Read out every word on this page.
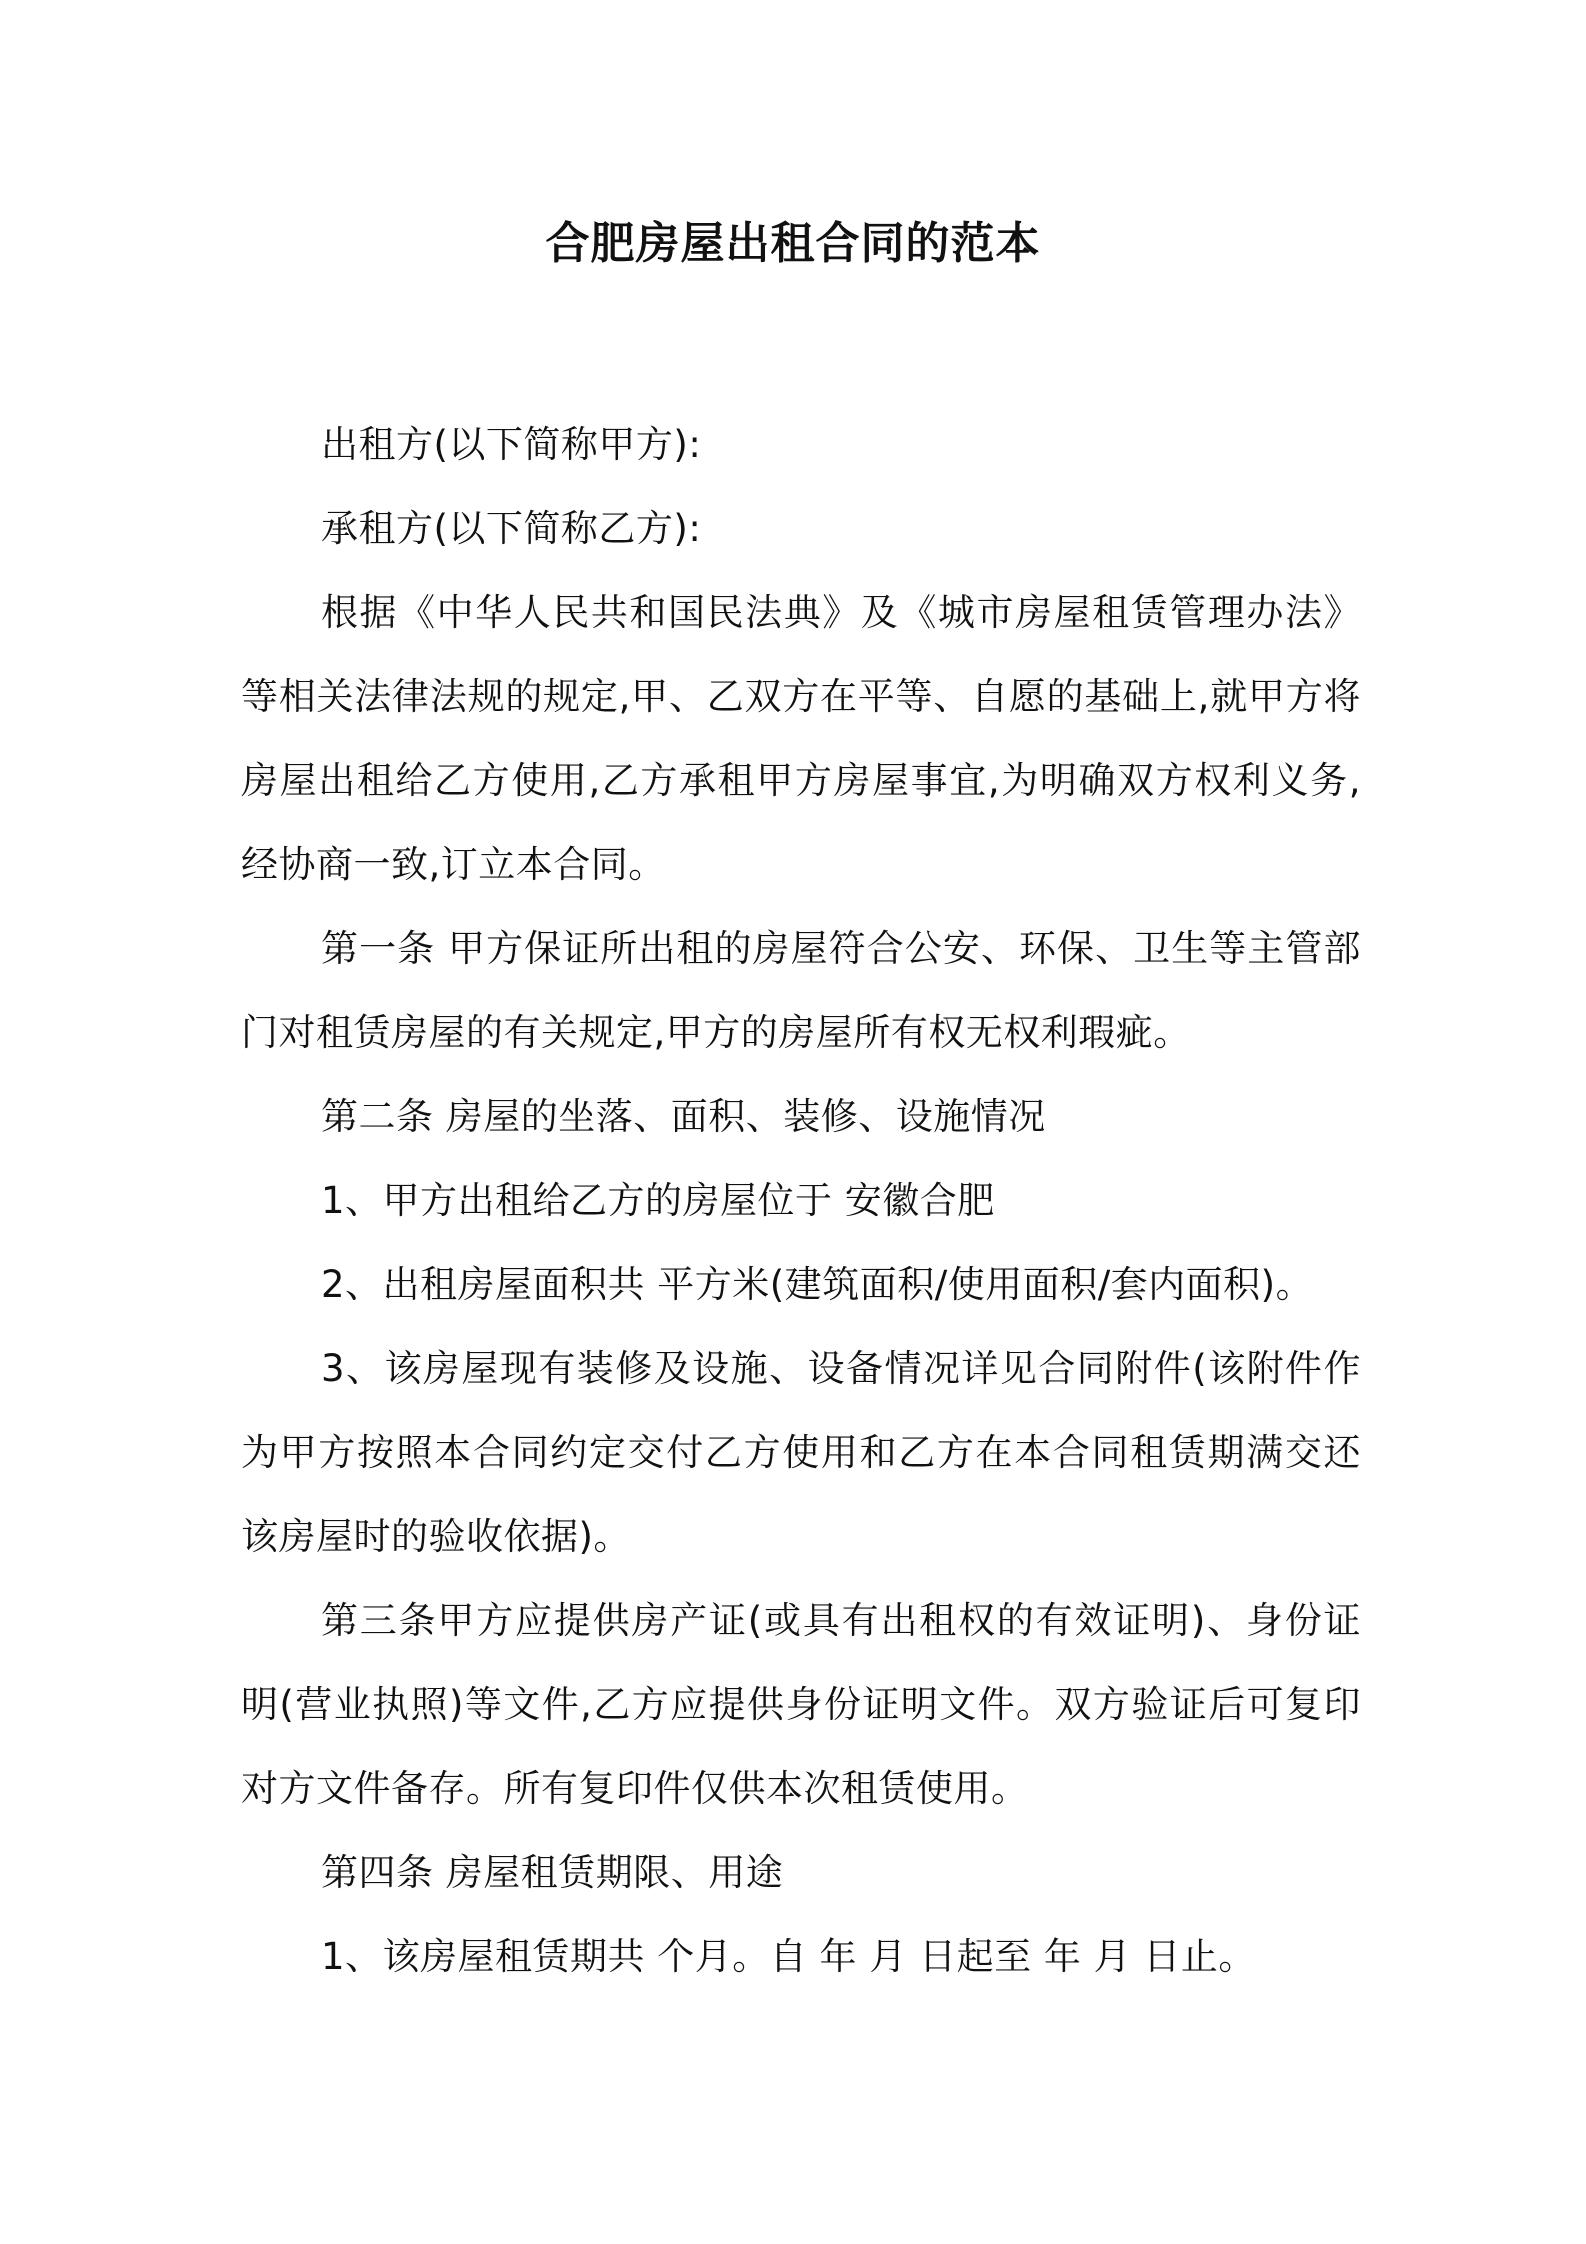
合肥房屋出租合同的范本

出租方(以下简称甲方):

承租方(以下简称乙方):

根据《中华人民共和国民法典》及《城市房屋租赁管理办法》等相关法律法规的规定,甲、乙双方在平等、自愿的基础上,就甲方将房屋出租给乙方使用,乙方承租甲方房屋事宜,为明确双方权利义务,经协商一致,订立本合同。

第一条 甲方保证所出租的房屋符合公安、环保、卫生等主管部门对租赁房屋的有关规定,甲方的房屋所有权无权利瑕疵。

第二条 房屋的坐落、面积、装修、设施情况

1、甲方出租给乙方的房屋位于 安徽合肥

2、出租房屋面积共 平方米(建筑面积/使用面积/套内面积)。

3、该房屋现有装修及设施、设备情况详见合同附件(该附件作为甲方按照本合同约定交付乙方使用和乙方在本合同租赁期满交还该房屋时的验收依据)。

第三条甲方应提供房产证(或具有出租权的有效证明)、身份证明(营业执照)等文件,乙方应提供身份证明文件。双方验证后可复印对方文件备存。所有复印件仅供本次租赁使用。

第四条 房屋租赁期限、用途

1、该房屋租赁期共 个月。自 年 月 日起至 年 月 日止。
